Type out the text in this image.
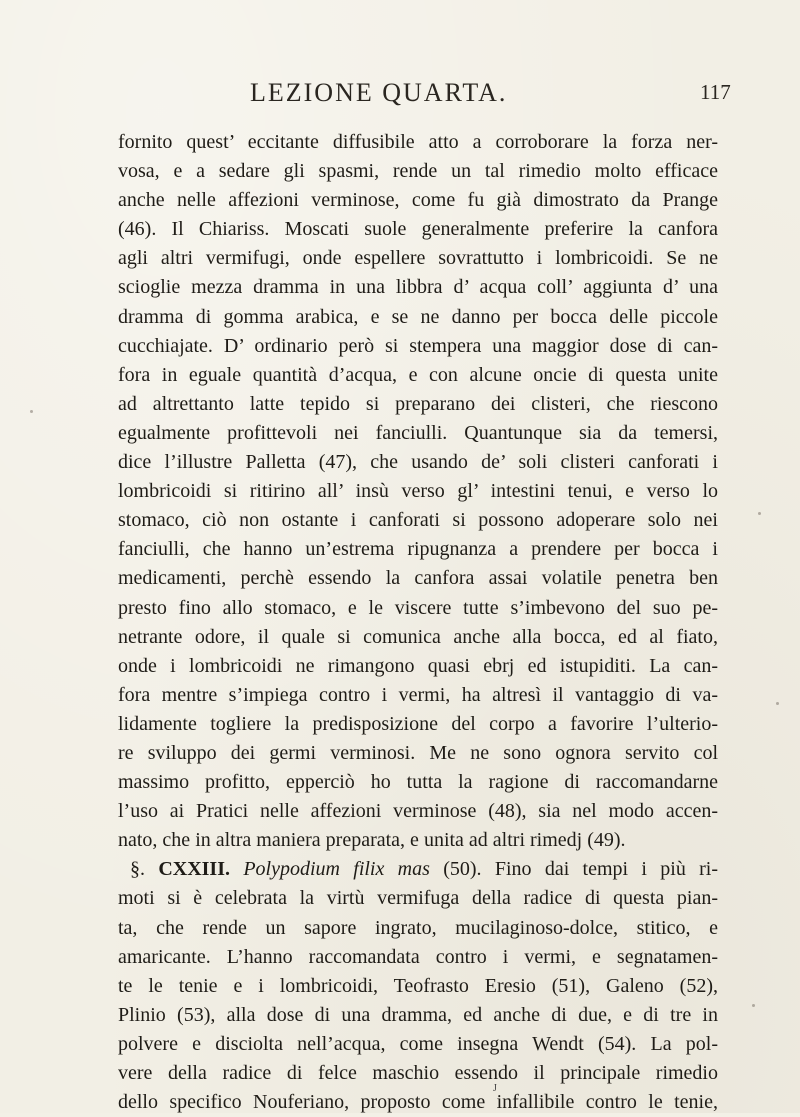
LEZIONE QUARTA.	117
fornito quest’ eccitante diffusibile atto a corroborare la forza ner-
vosa, e a sedare gli spasmi, rende un tal rimedio molto efficace
anche nelle affezioni verminose, come fu già dimostrato da Prange
(46). Il Chiariss. Moscati suole generalmente preferire la canfora
agli altri vermifugi, onde espellere sovrattutto i lombricoidi. Se ne
scioglie mezza dramma in una libbra d’ acqua coll’ aggiunta d’ una
dramma di gomma arabica, e se ne danno per bocca delle piccole
cucchiajate. D’ ordinario però si stempera una maggior dose di can-
fora in eguale quantità d’acqua, e con alcune oncie di questa unite
ad altrettanto latte tepido si preparano dei clisteri, che riescono
egualmente profittevoli nei fanciulli. Quantunque sia da temersi,
dice l’illustre Palletta (47), che usando de’ soli clisteri canforati i
lombricoidi si ritirino all’ insù verso gl’ intestini tenui, e verso lo
stomaco, ciò non ostante i canforati si possono adoperare solo nei
fanciulli, che hanno un’estrema ripugnanza a prendere per bocca i
medicamenti, perchè essendo la canfora assai volatile penetra ben
presto fino allo stomaco, e le viscere tutte s’imbevono del suo pe-
netrante odore, il quale si comunica anche alla bocca, ed al fiato,
onde i lombricoidi ne rimangono quasi ebrj ed istupiditi. La can-
fora mentre s’impiega contro i vermi, ha altresì il vantaggio di va-
lidamente togliere la predisposizione del corpo a favorire l’ulterio-
re sviluppo dei germi verminosi. Me ne sono ognora servito col
massimo profitto, epperciò ho tutta la ragione di raccomandarne
l’uso ai Pratici nelle affezioni verminose (48), sia nel modo accen-
nato, che in altra maniera preparata, e unita ad altri rimedj (49).
§. CXXIII. Polypodium filix mas (50). Fino dai tempi i più ri-
moti si è celebrata la virtù vermifuga della radice di questa pian-
ta, che rende un sapore ingrato, mucilaginoso-dolce, stitico, e
amaricante. L’hanno raccomandata contro i vermi, e segnatamen-
te le tenie e i lombricoidi, Teofrasto Eresio (51), Galeno (52),
Plinio (53), alla dose di una dramma, ed anche di due, e di tre in
polvere e disciolta nell’acqua, come insegna Wendt (54). La pol-
vere della radice di felce maschio essendo il principale rimedio
dello specifico Nouferiano, proposto come infallibile contro le tenie,
J
